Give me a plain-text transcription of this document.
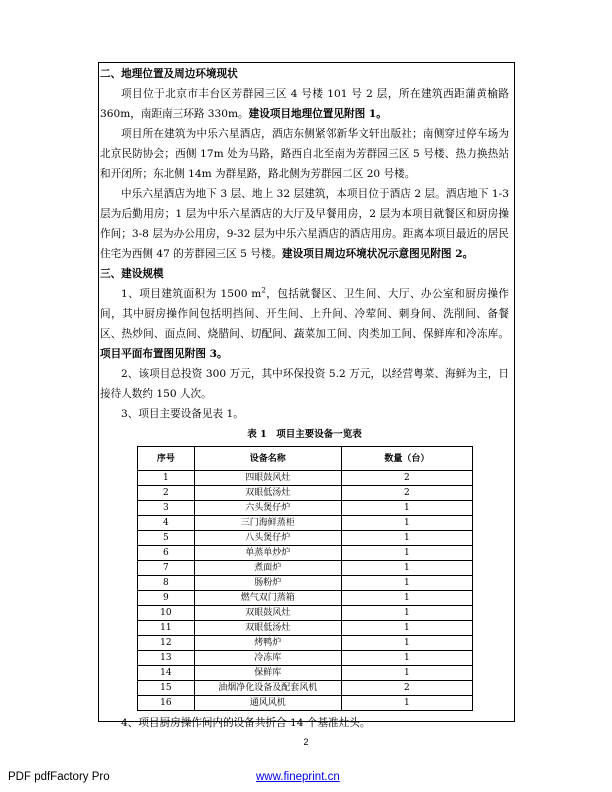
二、地理位置及周边环境现状

项目位于北京市丰台区芳群园三区 4 号楼 101 号 2 层，所在建筑西距蒲黄榆路 360m，南距南三环路 330m。建设项目地理位置见附图 1。

项目所在建筑为中乐六星酒店，酒店东侧紧邻新华文轩出版社；南侧穿过停车场为北京民防协会；西侧 17m 处为马路，路西自北至南为芳群园三区 5 号楼、热力换热站和开闭所；东北侧 14m 为群星路，路北侧为芳群园二区 20 号楼。

中乐六星酒店为地下 3 层、地上 32 层建筑，本项目位于酒店 2 层。酒店地下 1-3 层为后勤用房；1 层为中乐六星酒店的大厅及早餐用房，2 层为本项目就餐区和厨房操作间；3-8 层为办公用房，9-32 层为中乐六星酒店的酒店用房。距离本项目最近的居民住宅为西侧 47 的芳群园三区 5 号楼。建设项目周边环境状况示意图见附图 2。

三、建设规模

1、项目建筑面积为 1500 $m^2$，包括就餐区、卫生间、大厅、办公室和厨房操作间，其中厨房操作间包括明挡间、开生间、上升间、冷荤间、刺身间、洗削间、备餐区、热炒间、面点间、烧腊间、切配间、蔬菜加工间、肉类加工间、保鲜库和冷冻库。项目平面布置图见附图 3。

2、该项目总投资 300 万元，其中环保投资 5.2 万元，以经营粤菜、海鲜为主，日接待人数约 150 人次。

3、项目主要设备见表 1。

表 1　项目主要设备一览表
序号	设备名称	数量（台）
1	四眼鼓风灶	2
2	双眼低汤灶	2
3	六头煲仔炉	1
4	三门海鲜蒸柜	1
5	八头煲仔炉	1
6	单蒸单炒炉	1
7	煮面炉	1
8	肠粉炉	1
9	燃气双门蒸箱	1
10	双眼鼓风灶	1
11	双眼低汤灶	1
12	烤鸭炉	1
13	冷冻库	1
14	保鲜库	1
15	油烟净化设备及配套风机	2
16	通风风机	1

4、项目厨房操作间内的设备共折合 14 个基准灶头。

2
PDF pdfFactory Pro	www.fineprint.cn
